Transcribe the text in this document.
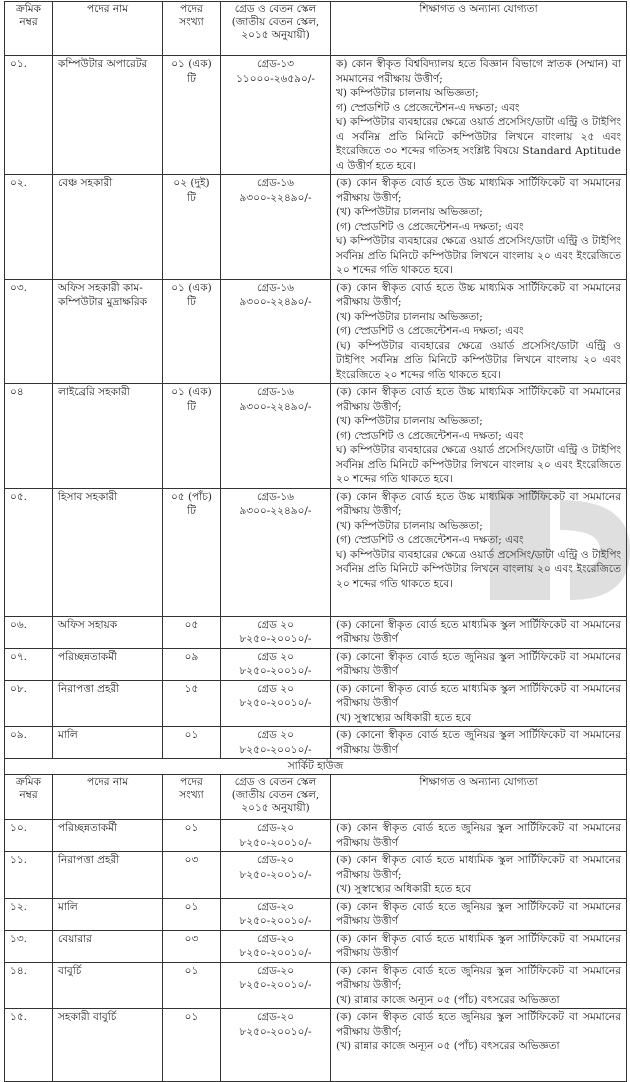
ক্রমিক নম্বর	পদের নাম	পদের সংখ্যা	গ্রেড ও বেতন স্কেল (জাতীয় বেতন স্কেল, ২০১৫ অনুযায়ী)	শিক্ষাগত ও অন্যান্য যোগ্যতা
০১.	কম্পিউটার অপারেটর	০১ (এক) টি	গ্রেড-১৩ ১১০০০-২৬৫৯০/-	ক) কোন স্বীকৃত বিশ্ববিদ্যালয় হতে বিজ্ঞান বিভাগে স্নাতক (সম্মান) বা সমমানের পরীক্ষায় উত্তীর্ণ;

খ) কম্পিউটার চালনায় অভিজ্ঞতা;

গ) স্প্রেডশিট ও প্রেজেন্টেশন-এ দক্ষতা; এবং

ঘ) কম্পিউটার ব্যবহারের ক্ষেত্রে ওয়ার্ড প্রসেসিং/ডাটা এন্ট্রি ও টাইপিং এ সর্বনিম্ন প্রতি মিনিটে কম্পিউটার লিখনে বাংলায় ২৫ এবং ইংরেজিতে ৩০ শব্দের গতিসহ সংশ্লিষ্ট বিষয়ে Standard Aptitude এ উত্তীর্ণ হতে হবে।

০২.	বেঞ্চ সহকারী	০২ (দুই) টি	গ্রেড-১৬ ৯৩০০-২২৪৯০/-	(ক) কোন স্বীকৃত বোর্ড হতে উচ্চ মাধ্যমিক সার্টিফিকেট বা সমমানের পরীক্ষায় উত্তীর্ণ;

(খ) কম্পিউটার চালনায় অভিজ্ঞতা;

(গ) স্প্রেডশিট ও প্রেজেন্টেশন-এ দক্ষতা; এবং

ঘ) কম্পিউটার ব্যবহারের ক্ষেত্রে ওয়ার্ড প্রসেসিং/ডাটা এন্ট্রি ও টাইপিং সর্বনিম্ন প্রতি মিনিটে কম্পিউটার লিখনে বাংলায় ২০ এবং ইংরেজিতে ২০ শব্দের গতি থাকতে হবে।

০৩.	অফিস সহকারী কাম-কম্পিউটার মুদ্রাক্ষরিক	০১ (এক) টি	গ্রেড-১৬ ৯৩০০-২২৪৯০/-	(ক) কোন স্বীকৃত বোর্ড হতে উচ্চ মাধ্যমিক সার্টিফিকেট বা সমমানের পরীক্ষায় উত্তীর্ণ;

(খ) কম্পিউটার চালনায় অভিজ্ঞতা;

(গ) স্প্রেডশিট ও প্রেজেন্টেশন-এ দক্ষতা; এবং

(ঘ) কম্পিউটার ব্যবহারের ক্ষেত্রে ওয়ার্ড প্রসেসিং/ডাটা এন্ট্রি ও টাইপিং সর্বনিম্ন প্রতি মিনিটে কম্পিউটার লিখনে বাংলায় ২০ এবং ইংরেজিতে ২০ শব্দের গতি থাকতে হবে।

০৪	লাইব্রেরি সহকারী	০১ (এক) টি	গ্রেড-১৬ ৯৩০০-২২৪৯০/-	(ক) কোন স্বীকৃত বোর্ড হতে উচ্চ মাধ্যমিক সার্টিফিকেট বা সমমানের পরীক্ষায় উত্তীর্ণ;

(খ) কম্পিউটার চালনায় অভিজ্ঞতা;

(গ) স্প্রেডশিট ও প্রেজেন্টেশন-এ দক্ষতা; এবং

ঘ) কম্পিউটার ব্যবহারের ক্ষেত্রে ওয়ার্ড প্রসেসিং/ডাটা এন্ট্রি ও টাইপিং সর্বনিম্ন প্রতি মিনিটে কম্পিউটার লিখনে বাংলায় ২০ এবং ইংরেজিতে ২০ শব্দের গতি থাকতে হবে।

০৫.	হিসাব সহকারী	০৫ (পাঁচ) টি	গ্রেড-১৬ ৯৩০০-২২৪৯০/-	(ক) কোন স্বীকৃত বোর্ড হতে উচ্চ মাধ্যমিক সার্টিফিকেট বা সমমানের পরীক্ষায় উত্তীর্ণ;

(খ) কম্পিউটার চালনায় অভিজ্ঞতা;

(গ) স্প্রেডশিট ও প্রেজেন্টেশন-এ দক্ষতা; এবং

ঘ) কম্পিউটার ব্যবহারের ক্ষেত্রে ওয়ার্ড প্রসেসিং/ডাটা এন্ট্রি ও টাইপিং সর্বনিম্ন প্রতি মিনিটে কম্পিউটার লিখনে বাংলায় ২০ এবং ইংরেজিতে ২০ শব্দের গতি থাকতে হবে।

০৬.	অফিস সহায়ক	০৫	গ্রেড ২০ ৮২৫০-২০০১০/-	(ক) কোনো স্বীকৃত বোর্ড হতে মাধ্যমিক স্কুল সার্টিফিকেট বা সমমানের পরীক্ষায় উত্তীর্ণ

০৭.	পরিচ্ছন্নতাকর্মী	০৯	গ্রেড ২০ ৮২৫০-২০০১০/-	(ক) কোনো স্বীকৃত বোর্ড হতে জুনিয়র স্কুল সার্টিফিকেট বা সমমানের পরীক্ষায় উত্তীর্ণ

০৮.	নিরাপত্তা প্রহরী	১৫	গ্রেড ২০ ৮২৫০-২০০১০/-	(ক) কোনো স্বীকৃত বোর্ড হতে মাধ্যমিক স্কুল সার্টিফিকেট বা সমমানের পরীক্ষায় উত্তীর্ণ

(খ) সুস্বাস্থ্যের অধিকারী হতে হবে

০৯.	মালি	০১	গ্রেড ২০ ৮২৫০-২০০১০/-	(ক) কোনো স্বীকৃত বোর্ড হতে জুনিয়র স্কুল সার্টিফিকেট বা সমমানের পরীক্ষায় উত্তীর্ণ

সার্কিট হাউজ				
ক্রমিক নম্বর	পদের নাম	পদের সংখ্যা	গ্রেড ও বেতন স্কেল (জাতীয় বেতন স্কেল, ২০১৫ অনুযায়ী)	শিক্ষাগত ও অন্যান্য যোগ্যতা
১০.	পরিচ্ছন্নতাকর্মী	০১	গ্রেড-২০ ৮২৫০-২০০১০/-	(ক) কোন স্বীকৃত বোর্ড হতে জুনিয়র স্কুল সার্টিফিকেট বা সমমানের পরীক্ষায় উত্তীর্ণ

১১.	নিরাপত্তা প্রহরী	০৩	গ্রেড-২০ ৮২৫০-২০০১০/-	(ক) কোন স্বীকৃত বোর্ড হতে মাধ্যমিক স্কুল সার্টিফিকেট বা সমমানের পরীক্ষায় উত্তীর্ণ;

(খ) সুস্বাস্থ্যের অধিকারী হতে হবে

১২.	মালি	০১	গ্রেড-২০ ৮২৫০-২০০১০/-	(ক) কোন স্বীকৃত বোর্ড হতে জুনিয়র স্কুল সার্টিফিকেট বা সমমানের পরীক্ষায় উত্তীর্ণ

১৩.	বেয়ারার	০৩	গ্রেড-২০ ৮২৫০-২০০১০/-	(ক) কোন স্বীকৃত বোর্ড হতে মাধ্যমিক স্কুল সার্টিফিকেট বা সমমানের পরীক্ষায় উত্তীর্ণ

১৪.	বাবুর্চি	০১	গ্রেড-২০ ৮২৫০-২০০১০/-	(ক) কোন স্বীকৃত বোর্ড হতে জুনিয়র স্কুল সার্টিফিকেট বা সমমানের পরীক্ষায় উত্তীর্ণ;

(খ) রান্নার কাজে অন্যূন ০৫ (পাঁচ) বৎসরের অভিজ্ঞতা

১৫.	সহকারী বাবুর্চি	০১	গ্রেড-২০ ৮২৫০-২০০১০/-	(ক) কোন স্বীকৃত বোর্ড হতে জুনিয়র স্কুল সার্টিফিকেট বা সমমানের পরীক্ষায় উত্তীর্ণ;

(খ) রান্নার কাজে অন্যূন ০৫ (পাঁচ) বৎসরের অভিজ্ঞতা
